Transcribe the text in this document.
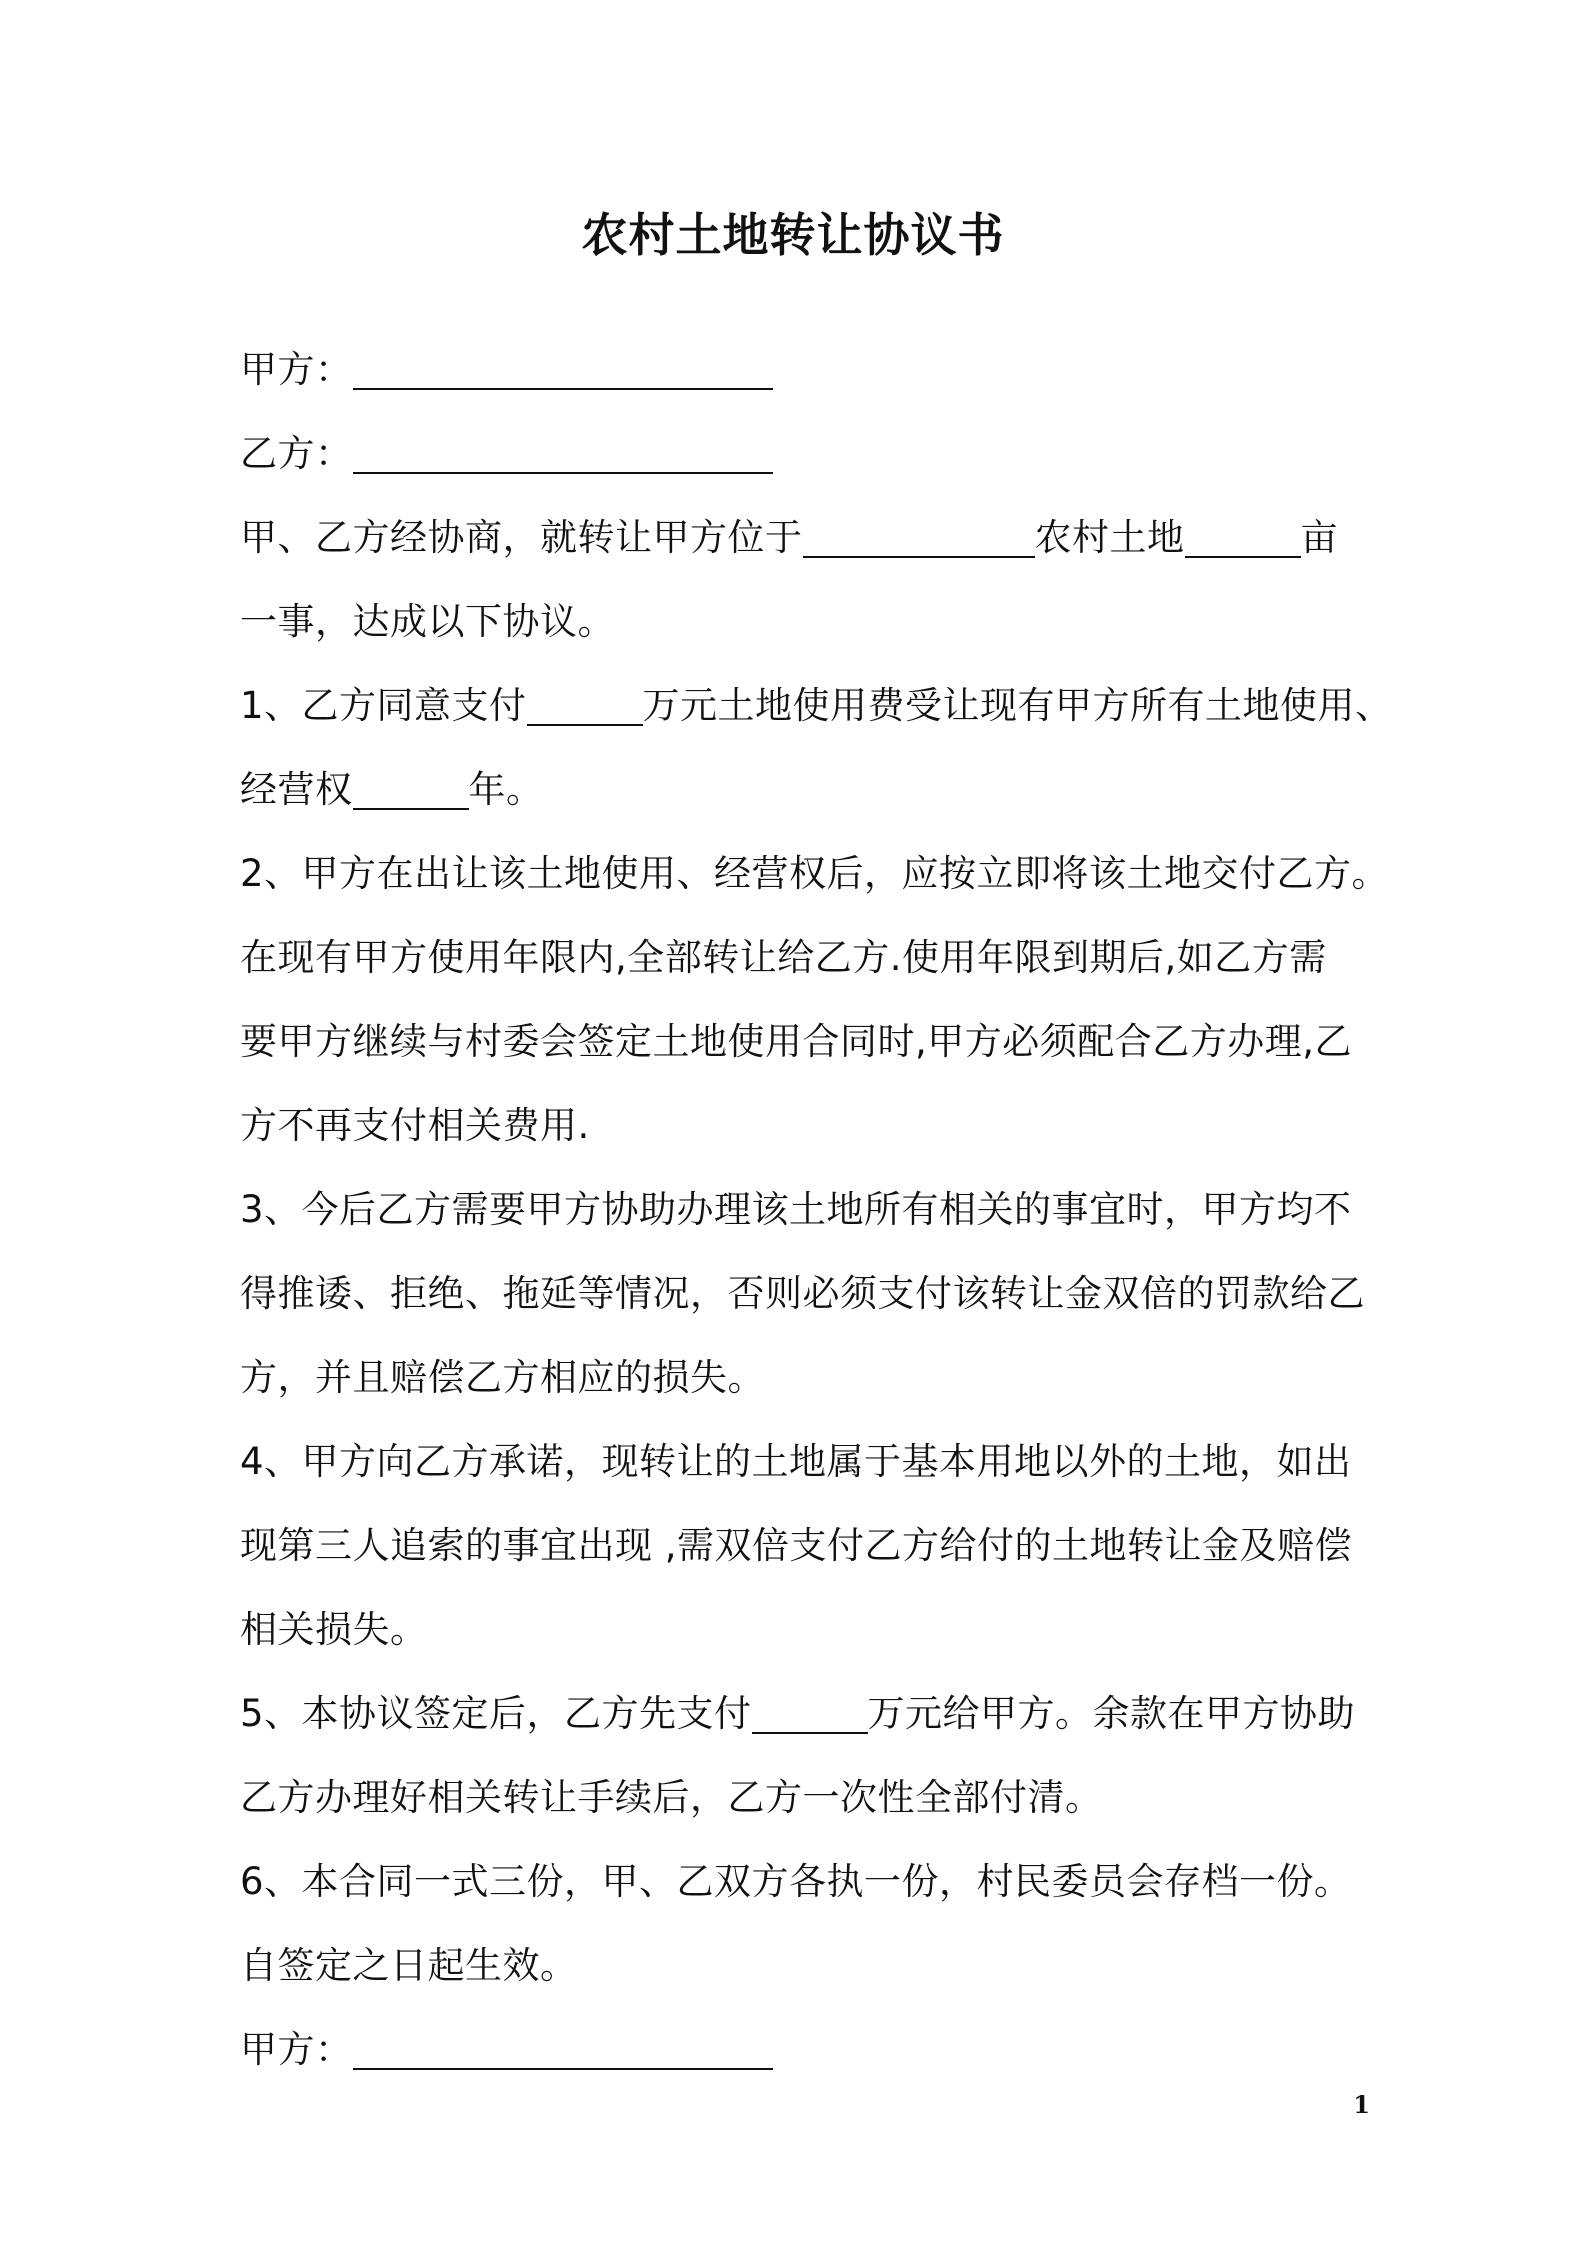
农村土地转让协议书
甲方：
乙方：
甲、乙方经协商，就转让甲方位于	农村土地	亩
一事，达成以下协议。
1、乙方同意支付	万元土地使用费受让现有甲方所有土地使用、
经营权	年。
2、甲方在出让该土地使用、经营权后，应按立即将该土地交付乙方。
在现有甲方使用年限内,全部转让给乙方.使用年限到期后,如乙方需
要甲方继续与村委会签定土地使用合同时,甲方必须配合乙方办理,乙
方不再支付相关费用.
3、今后乙方需要甲方协助办理该土地所有相关的事宜时，甲方均不
得推诿、拒绝、拖延等情况，否则必须支付该转让金双倍的罚款给乙
方，并且赔偿乙方相应的损失。
4、甲方向乙方承诺，现转让的土地属于基本用地以外的土地，如出
现第三人追索的事宜出现 ,需双倍支付乙方给付的土地转让金及赔偿
相关损失。
5、本协议签定后，乙方先支付	万元给甲方。余款在甲方协助
乙方办理好相关转让手续后，乙方一次性全部付清。
6、本合同一式三份，甲、乙双方各执一份，村民委员会存档一份。
自签定之日起生效。
甲方：
1
